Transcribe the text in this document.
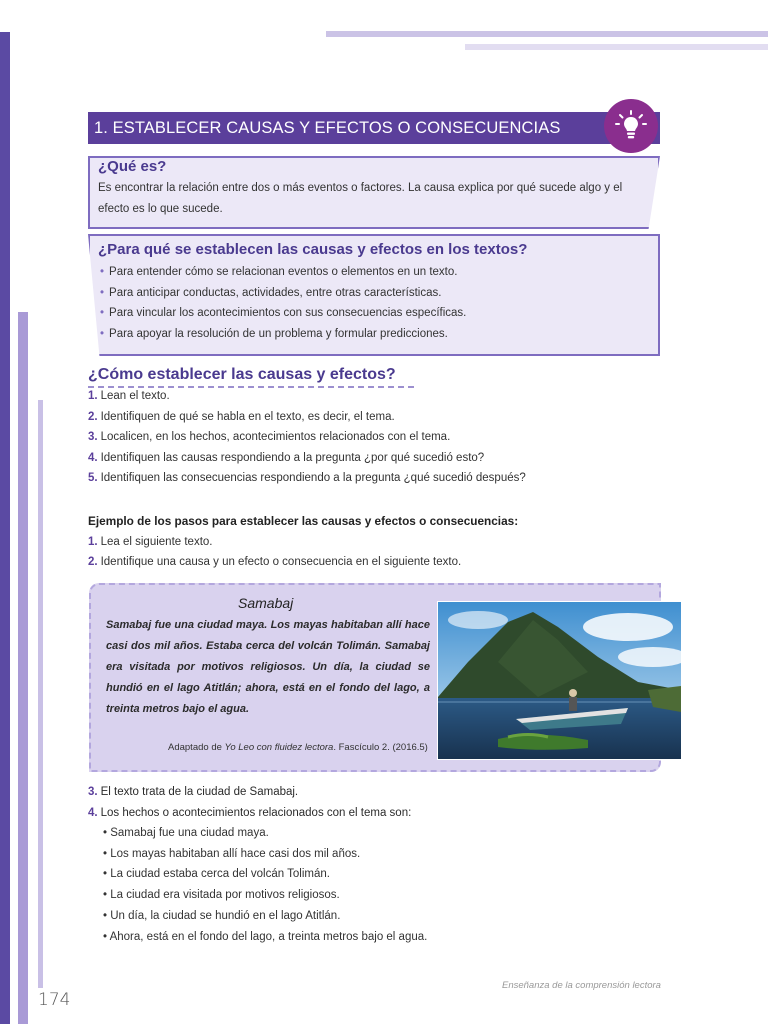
1. ESTABLECER CAUSAS Y EFECTOS O CONSECUENCIAS
¿Qué es?
Es encontrar la relación entre dos o más eventos o factores. La causa explica por qué sucede algo y el efecto es lo que sucede.
¿Para qué se establecen las causas y efectos en los textos?
• Para entender cómo se relacionan eventos o elementos en un texto.
• Para anticipar conductas, actividades, entre otras características.
• Para vincular los acontecimientos con sus consecuencias específicas.
• Para apoyar la resolución de un problema y formular predicciones.
¿Cómo establecer las causas y efectos?
1. Lean el texto.
2. Identifiquen de qué se habla en el texto, es decir, el tema.
3. Localicen, en los hechos, acontecimientos relacionados con el tema.
4. Identifiquen las causas respondiendo a la pregunta ¿por qué sucedió esto?
5. Identifiquen las consecuencias respondiendo a la pregunta ¿qué sucedió después?
Ejemplo de los pasos para establecer las causas y efectos o consecuencias:
1. Lea el siguiente texto.
2. Identifique una causa y un efecto o consecuencia en el siguiente texto.
Samabaj
Samabaj fue una ciudad maya. Los mayas habitaban allí hace casi dos mil años. Estaba cerca del volcán Tolimán. Samabaj era visitada por motivos religiosos. Un día, la ciudad se hundió en el lago Atitlán; ahora, está en el fondo del lago, a treinta metros bajo el agua.
Adaptado de Yo Leo con fluidez lectora. Fascículo 2. (2016.5)
3. El texto trata de la ciudad de Samabaj.
4. Los hechos o acontecimientos relacionados con el tema son:
• Samabaj fue una ciudad maya.
• Los mayas habitaban allí hace casi dos mil años.
• La ciudad estaba cerca del volcán Tolimán.
• La ciudad era visitada por motivos religiosos.
• Un día, la ciudad se hundió en el lago Atitlán.
• Ahora, está en el fondo del lago, a treinta metros bajo el agua.
174
Enseñanza de la comprensión lectora
